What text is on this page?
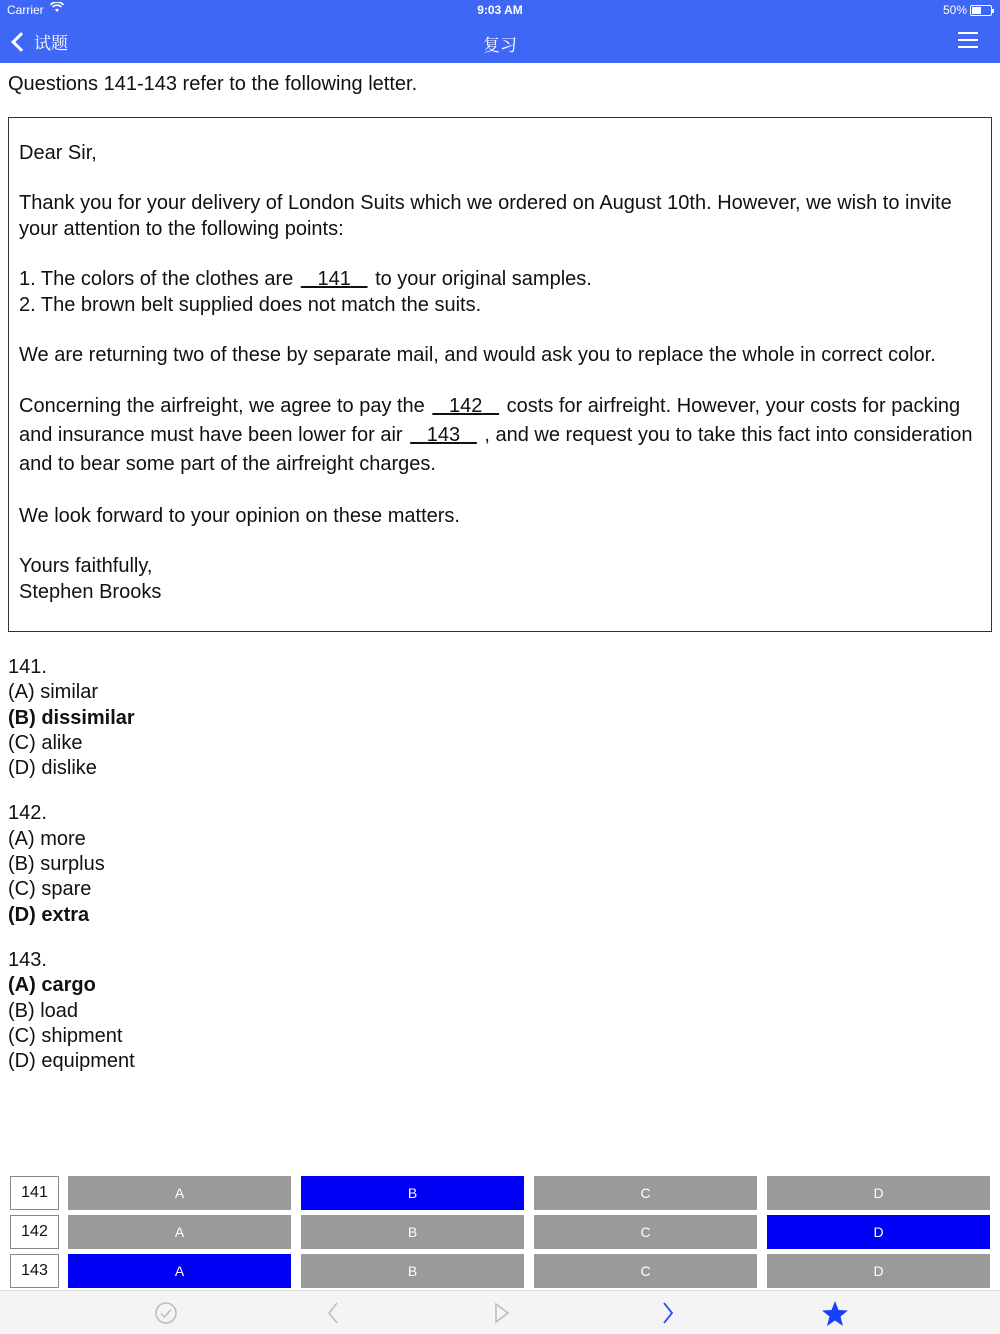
Carrier	9:03 AM	50%
试题	复习
Questions 141-143 refer to the following letter.

Dear Sir,

Thank you for your delivery of London Suits which we ordered on August 10th. However, we wish to invite your attention to the following points:

1. The colors of the clothes are    141    to your original samples.
2. The brown belt supplied does not match the suits.

We are returning two of these by separate mail, and would ask you to replace the whole in correct color.

Concerning the airfreight, we agree to pay the    142    costs for airfreight. However, your costs for packing and insurance must have been lower for air    143    , and we request you to take this fact into consideration and to bear some part of the airfreight charges.

We look forward to your opinion on these matters.

Yours faithfully,
Stephen Brooks

141.
(A) similar
(B) dissimilar
(C) alike
(D) dislike
142.
(A) more
(B) surplus
(C) spare
(D) extra
143.
(A) cargo
(B) load
(C) shipment
(D) equipment
141	A	B	C	D
142	A	B	C	D
143	A	B	C	D
